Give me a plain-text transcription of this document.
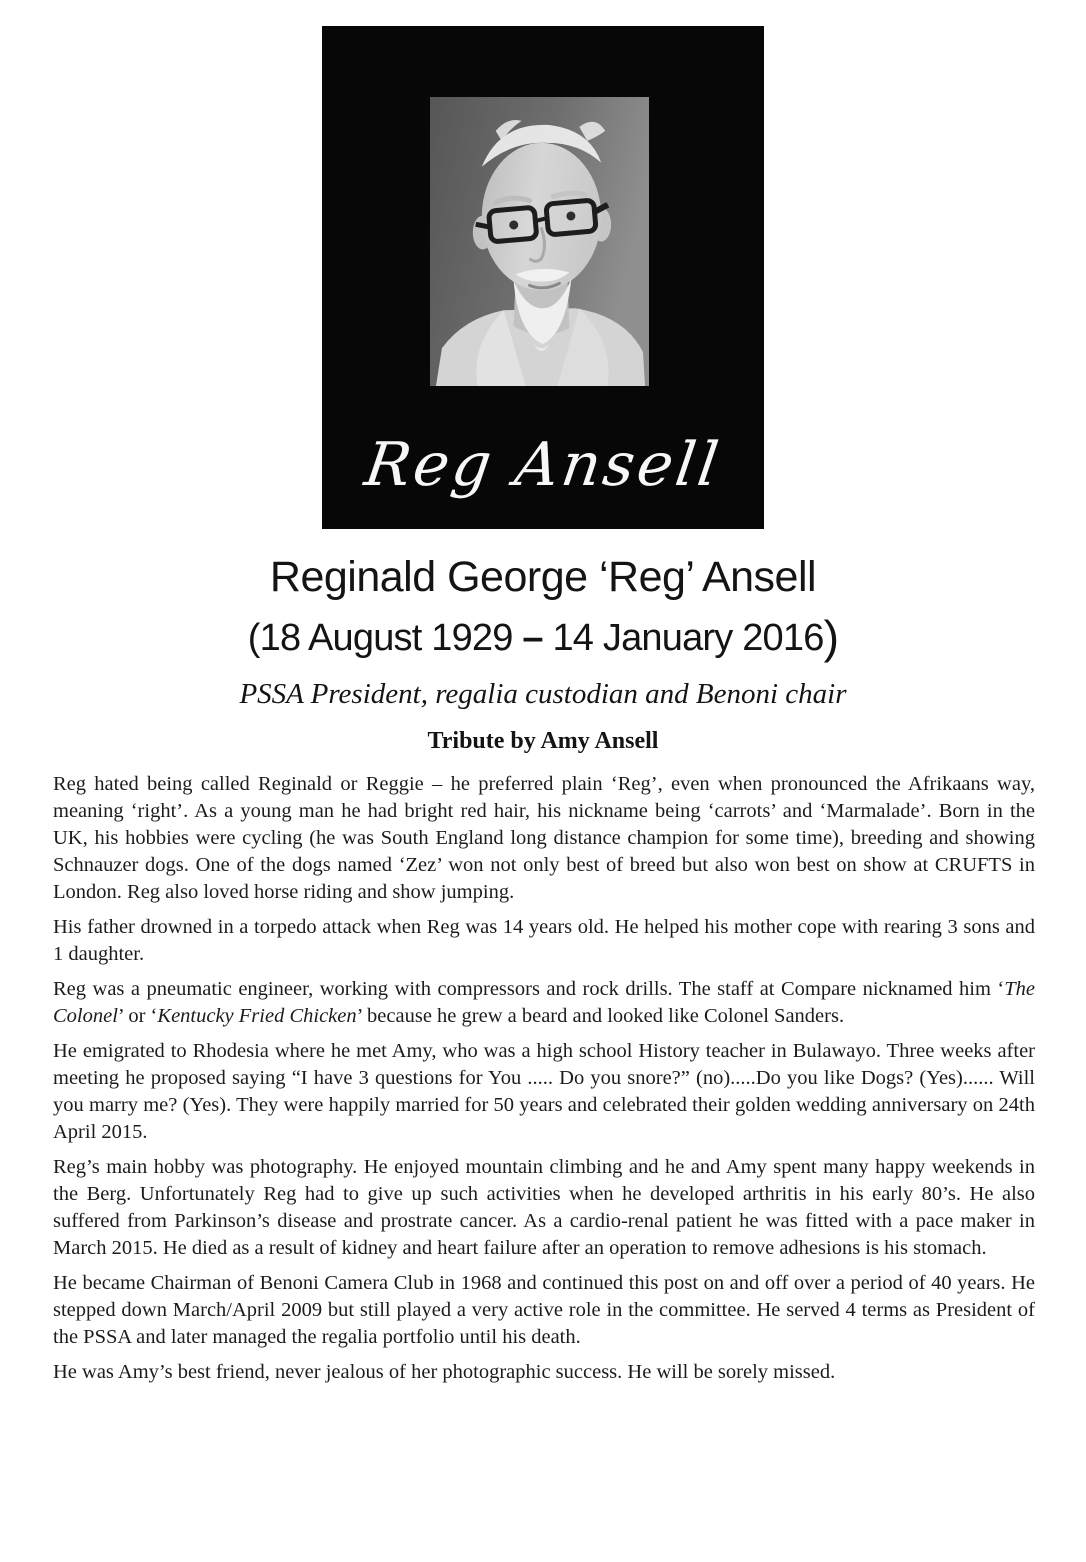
Reg Ansell
Reginald George ‘Reg’ Ansell
(18 August 1929 – 14 January 2016)
PSSA President, regalia custodian and Benoni chair
Tribute by Amy Ansell

Reg hated being called Reginald or Reggie – he preferred plain ‘Reg’, even when pronounced the Afrikaans way, meaning ‘right’. As a young man he had bright red hair, his nickname being ‘carrots’ and ‘Marmalade’. Born in the UK, his hobbies were cycling (he was South England long distance champion for some time), breeding and showing Schnauzer dogs. One of the dogs named ‘Zez’ won not only best of breed but also won best on show at CRUFTS in London. Reg also loved horse riding and show jumping.

His father drowned in a torpedo attack when Reg was 14 years old. He helped his mother cope with rearing 3 sons and 1 daughter.

Reg was a pneumatic engineer, working with compressors and rock drills. The staff at Compare nicknamed him ‘The Colonel’ or ‘Kentucky Fried Chicken’ because he grew a beard and looked like Colonel Sanders.

He emigrated to Rhodesia where he met Amy, who was a high school History teacher in Bulawayo. Three weeks after meeting he proposed saying “I have 3 questions for You ..... Do you snore?” (no).....Do you like Dogs? (Yes)...... Will you marry me? (Yes). They were happily married for 50 years and celebrated their golden wedding anniversary on 24th April 2015.

Reg’s main hobby was photography. He enjoyed mountain climbing and he and Amy spent many happy weekends in the Berg. Unfortunately Reg had to give up such activities when he developed arthritis in his early 80’s. He also suffered from Parkinson’s disease and prostrate cancer. As a cardio-renal patient he was fitted with a pace maker in March 2015. He died as a result of kidney and heart failure after an operation to remove adhesions is his stomach.

He became Chairman of Benoni Camera Club in 1968 and continued this post on and off over a period of 40 years. He stepped down March/April 2009 but still played a very active role in the committee. He served 4 terms as President of the PSSA and later managed the regalia portfolio until his death.

He was Amy’s best friend, never jealous of her photographic success. He will be sorely missed.
